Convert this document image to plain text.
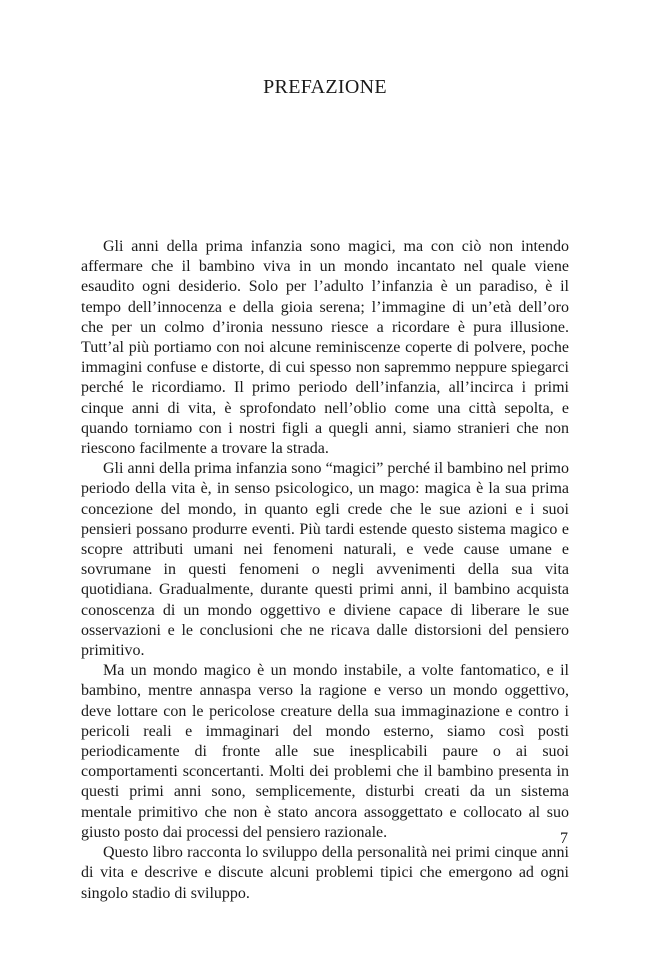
PREFAZIONE

Gli anni della prima infanzia sono magici, ma con ciò non intendo affermare che il bambino viva in un mondo incantato nel quale viene esaudito ogni desiderio. Solo per l’adulto l’infanzia è un paradiso, è il tempo dell’innocenza e della gioia serena; l’immagine di un’età dell’oro che per un colmo d’ironia nessuno riesce a ricordare è pura illusione. Tutt’al più portiamo con noi alcune reminiscenze coperte di polvere, poche immagini confuse e distorte, di cui spesso non sapremmo neppure spiegarci perché le ricordiamo. Il primo periodo dell’infanzia, all’incirca i primi cinque anni di vita, è sprofondato nell’oblio come una città sepolta, e quando torniamo con i nostri figli a quegli anni, siamo stranieri che non riescono facilmente a trovare la strada.

Gli anni della prima infanzia sono “magici” perché il bambino nel primo periodo della vita è, in senso psicologico, un mago: magica è la sua prima concezione del mondo, in quanto egli crede che le sue azioni e i suoi pensieri possano produrre eventi. Più tardi estende questo sistema magico e scopre attributi umani nei fenomeni naturali, e vede cause umane e sovrumane in questi fenomeni o negli avvenimenti della sua vita quotidiana. Gradualmente, durante questi primi anni, il bambino acquista conoscenza di un mondo oggettivo e diviene capace di liberare le sue osservazioni e le conclusioni che ne ricava dalle distorsioni del pensiero primitivo.

Ma un mondo magico è un mondo instabile, a volte fantomatico, e il bambino, mentre annaspa verso la ragione e verso un mondo oggettivo, deve lottare con le pericolose creature della sua immaginazione e contro i pericoli reali e immaginari del mondo esterno, siamo così posti periodicamente di fronte alle sue inesplicabili paure o ai suoi comportamenti sconcertanti. Molti dei problemi che il bambino presenta in questi primi anni sono, semplicemente, disturbi creati da un sistema mentale primitivo che non è stato ancora assoggettato e collocato al suo giusto posto dai processi del pensiero razionale.

Questo libro racconta lo sviluppo della personalità nei primi cinque anni di vita e descrive e discute alcuni problemi tipici che emergono ad ogni singolo stadio di sviluppo.

7
